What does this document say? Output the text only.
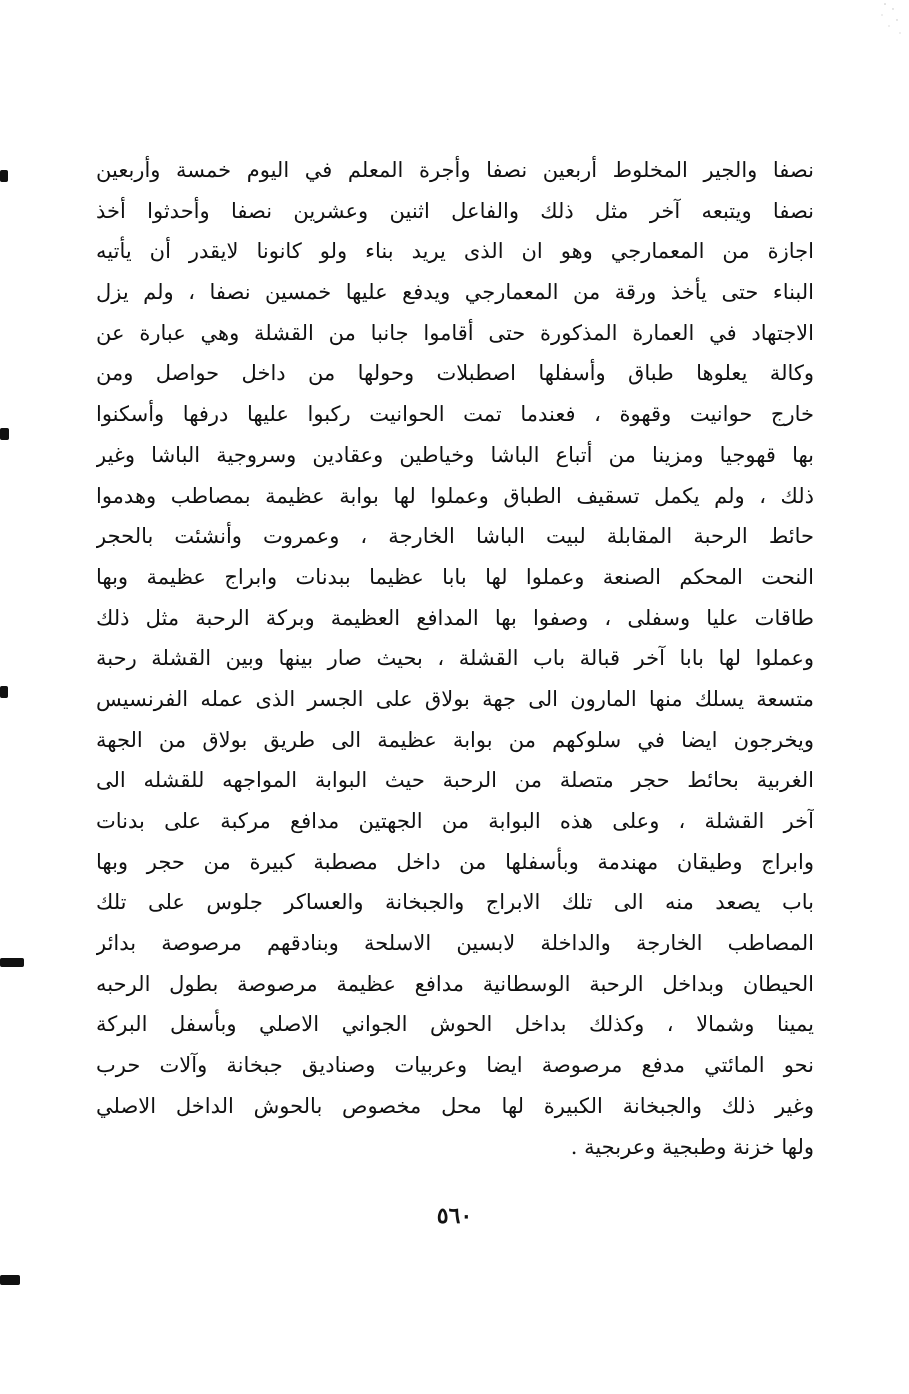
نصفا والجير المخلوط أربعين نصفا وأجرة المعلم في اليوم خمسة وأربعين
نصفا ويتبعه آخر مثل ذلك والفاعل اثنين وعشرين نصفا وأحدثوا أخذ
اجازة من المعمارجي وهو ان الذى يريد بناء ولو كانونا لايقدر أن يأتيه
البناء حتى يأخذ ورقة من المعمارجي ويدفع عليها خمسين نصفا ، ولم يزل
الاجتهاد في العمارة المذكورة حتى أقاموا جانبا من القشلة وهي عبارة عن
وكالة يعلوها طباق وأسفلها اصطبلات وحولها من داخل حواصل ومن
خارج حوانيت وقهوة ، فعندما تمت الحوانيت ركبوا عليها درفها وأسكنوا
بها قهوجيا ومزينا من أتباع الباشا وخياطين وعقادين وسروجية الباشا وغير
ذلك ، ولم يكمل تسقيف الطباق وعملوا لها بوابة عظيمة بمصاطب وهدموا
حائط الرحبة المقابلة لبيت الباشا الخارجة ، وعمروت وأنشئت بالحجر
النحت المحكم الصنعة وعملوا لها بابا عظيما ببدنات وابراج عظيمة وبها
طاقات عليا وسفلى ، وصفوا بها المدافع العظيمة وبركة الرحبة مثل ذلك
وعملوا لها بابا آخر قبالة باب القشلة ، بحيث صار بينها وبين القشلة رحبة
متسعة يسلك منها المارون الى جهة بولاق على الجسر الذى عمله الفرنسيس
ويخرجون ايضا في سلوكهم من بوابة عظيمة الى طريق بولاق من الجهة
الغربية بحائط حجر متصلة من الرحبة حيث البوابة المواجهه للقشله الى
آخر القشلة ، وعلى هذه البوابة من الجهتين مدافع مركبة على بدنات
وابراج وطيقان مهندمة وبأسفلها من داخل مصطبة كبيرة من حجر وبها
باب يصعد منه الى تلك الابراج والجبخانة والعساكر جلوس على تلك
المصاطب الخارجة والداخلة لابسين الاسلحة وبنادقهم مرصوصة بدائر
الحيطان وبداخل الرحبة الوسطانية مدافع عظيمة مرصوصة بطول الرحبه
يمينا وشمالا ، وكذلك بداخل الحوش الجواني الاصلي وبأسفل البركة
نحو المائتي مدفع مرصوصة ايضا وعربيات وصناديق جبخانة وآلات حرب
وغير ذلك والجبخانة الكبيرة لها محل مخصوص بالحوش الداخل الاصلي
ولها خزنة وطبجية وعربجية .
٥٦٠
